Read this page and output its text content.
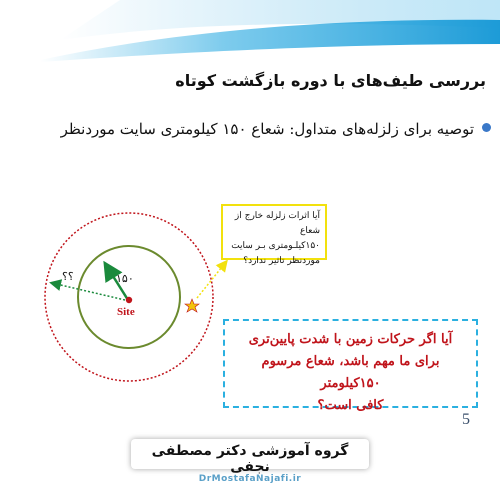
بررسی طیف‌های با دوره بازگشت کوتاه
توصیه برای زلزله‌های متداول: شعاع ۱۵۰ کیلومتری سایت موردنظر
۱۵۰
؟؟
Site
آیا اثرات زلزله خارج از شعاع
۱۵۰کیلـومتری بـر سایت
موردنظر تاثیر ندارد؟
آیا اگر حرکات زمین با شدت پایین‌تری
برای ما مهم باشد، شعاع مرسوم ۱۵۰کیلومتر
کافی است؟
5
گروه آموزشی دکتر مصطفی نجفی
DrMostafaNajafi.ir
